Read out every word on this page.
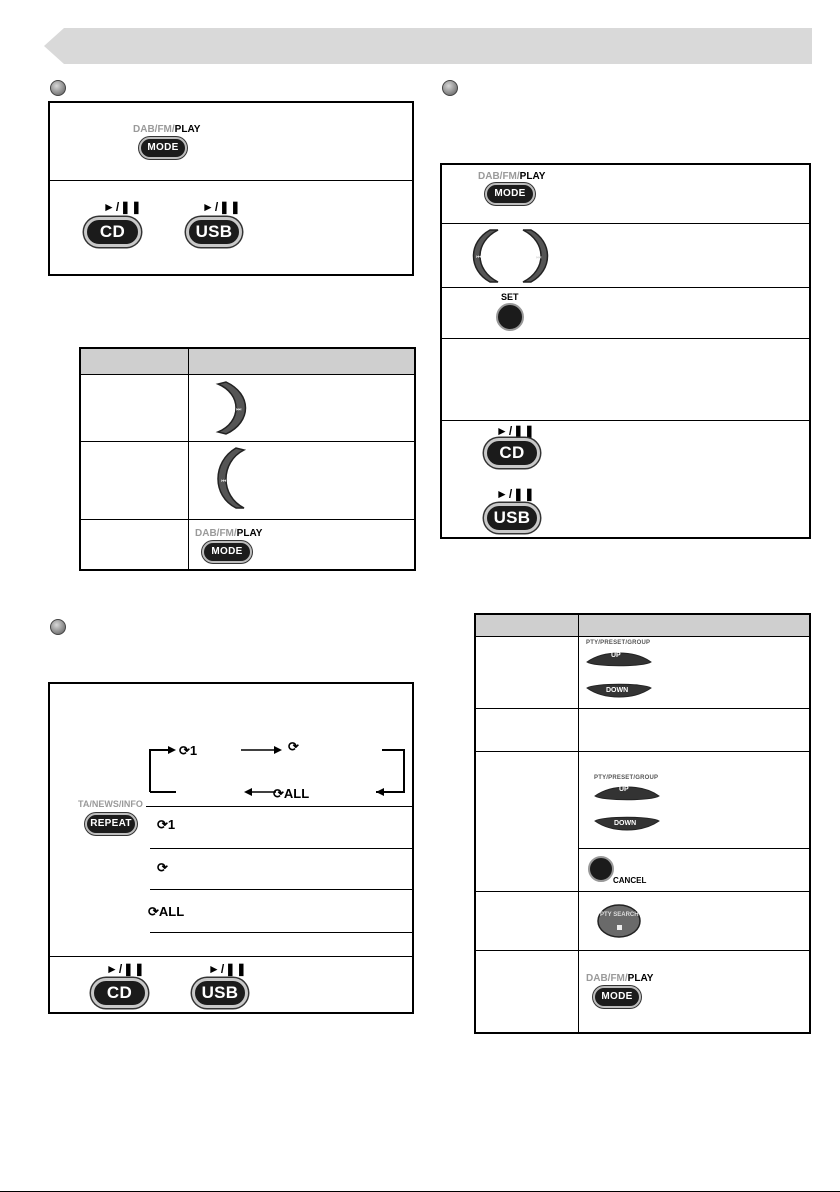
DAB/FM/PLAY
MODE
►/❚❚	►/❚❚
CD	USB
⏭
⏮
DAB/FM/PLAY
MODE
⟳1	⟳
⟳ALL
TA/NEWS/INFO
REPEAT	⟳1
⟳
⟳ALL
►/❚❚	►/❚❚
CD	USB
DAB/FM/PLAY
MODE
⏮	⏭
SET
►/❚❚
CD
►/❚❚
USB
PTY/PRESET/GROUP
UP
DOWN
PTY/PRESET/GROUP
UP
DOWN
CANCEL
PTY SEARCH
DAB/FM/PLAY
MODE
